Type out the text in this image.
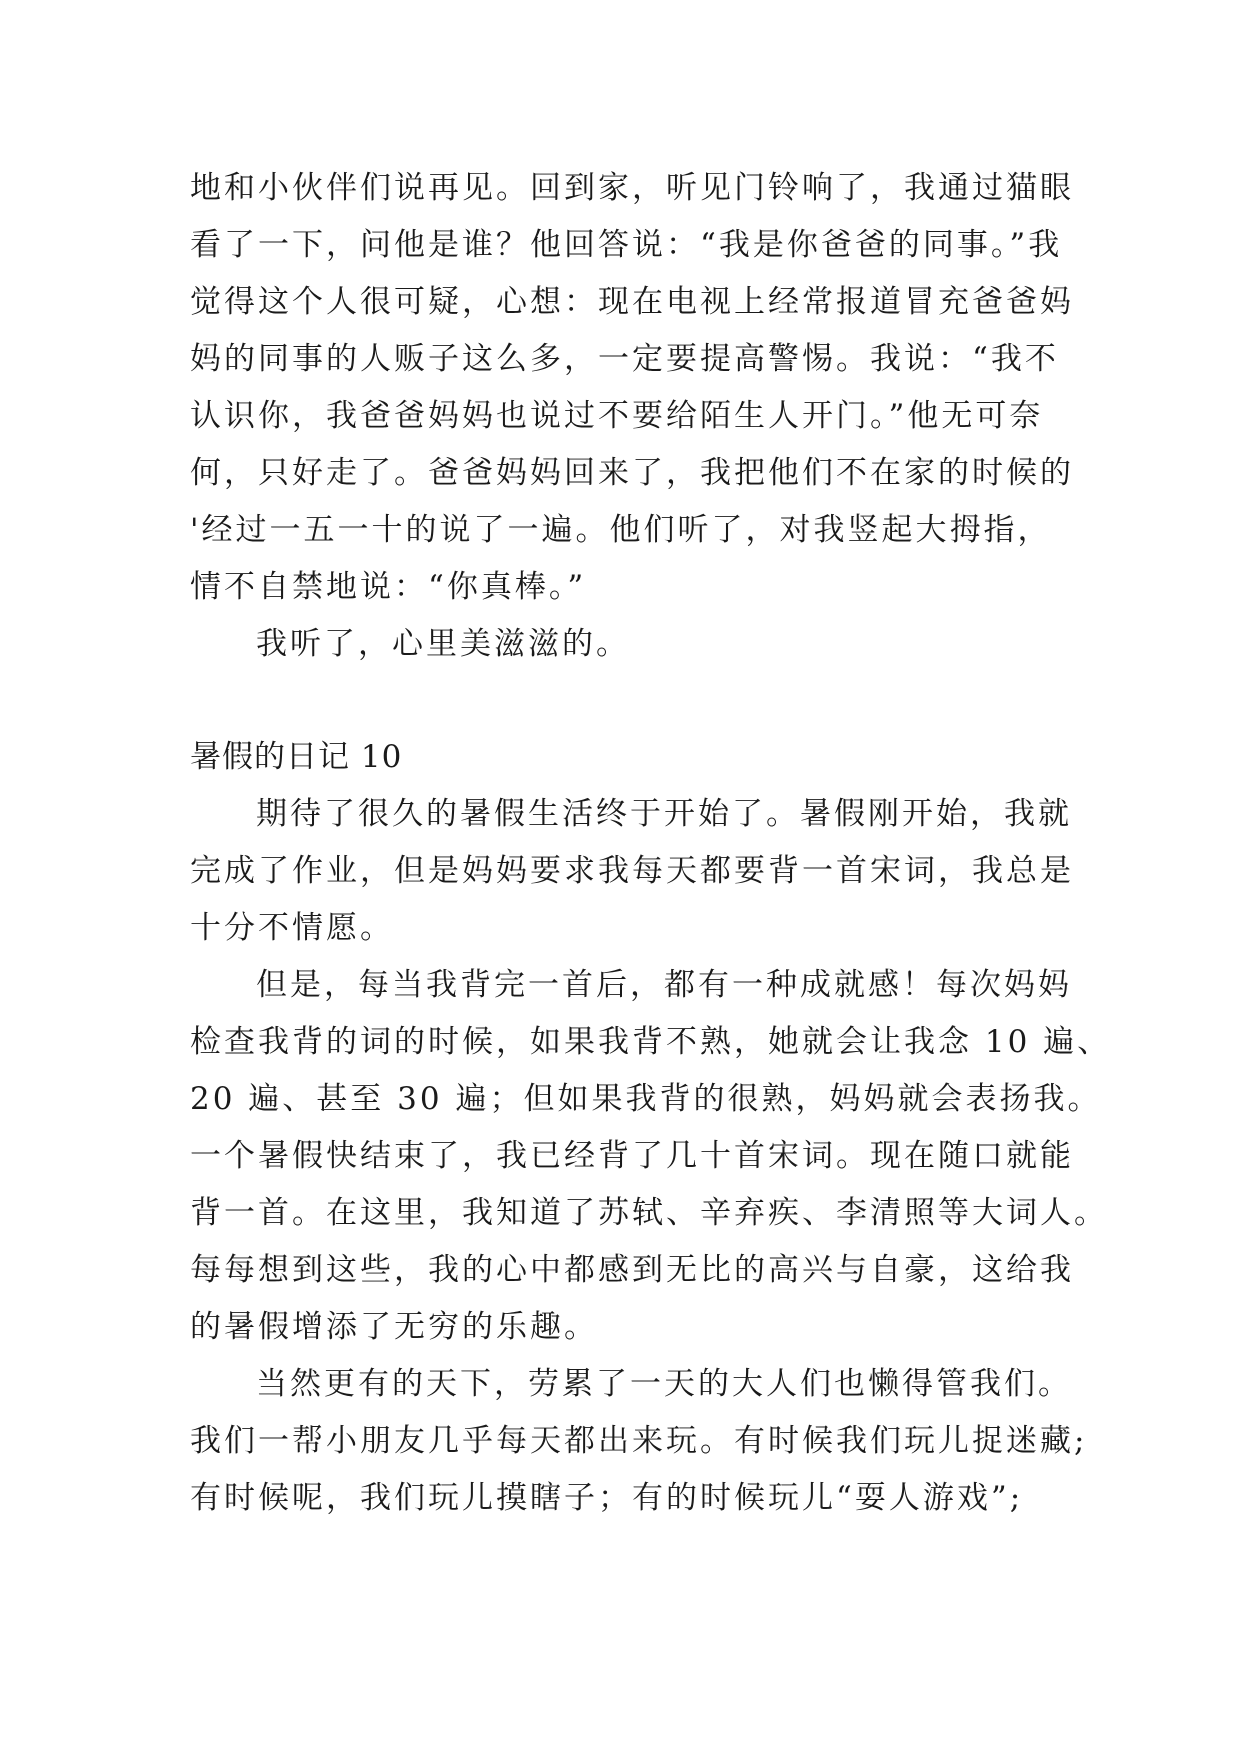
地和小伙伴们说再见。回到家，听见门铃响了，我通过猫眼
看了一下，问他是谁？他回答说：“我是你爸爸的同事。”我
觉得这个人很可疑，心想：现在电视上经常报道冒充爸爸妈
妈的同事的人贩子这么多，一定要提高警惕。我说：“我不
认识你，我爸爸妈妈也说过不要给陌生人开门。”他无可奈
何，只好走了。爸爸妈妈回来了，我把他们不在家的时候的
'经过一五一十的说了一遍。他们听了，对我竖起大拇指，
情不自禁地说：“你真棒。”
我听了，心里美滋滋的。
暑假的日记 10
期待了很久的暑假生活终于开始了。暑假刚开始，我就
完成了作业，但是妈妈要求我每天都要背一首宋词，我总是
十分不情愿。
但是，每当我背完一首后，都有一种成就感！每次妈妈
检查我背的词的时候，如果我背不熟，她就会让我念 10 遍、
20 遍、甚至 30 遍；但如果我背的很熟，妈妈就会表扬我。
一个暑假快结束了，我已经背了几十首宋词。现在随口就能
背一首。在这里，我知道了苏轼、辛弃疾、李清照等大词人。
每每想到这些，我的心中都感到无比的高兴与自豪，这给我
的暑假增添了无穷的乐趣。
当然更有的天下，劳累了一天的大人们也懒得管我们。
我们一帮小朋友几乎每天都出来玩。有时候我们玩儿捉迷藏;
有时候呢，我们玩儿摸瞎子；有的时候玩儿“耍人游戏”;
